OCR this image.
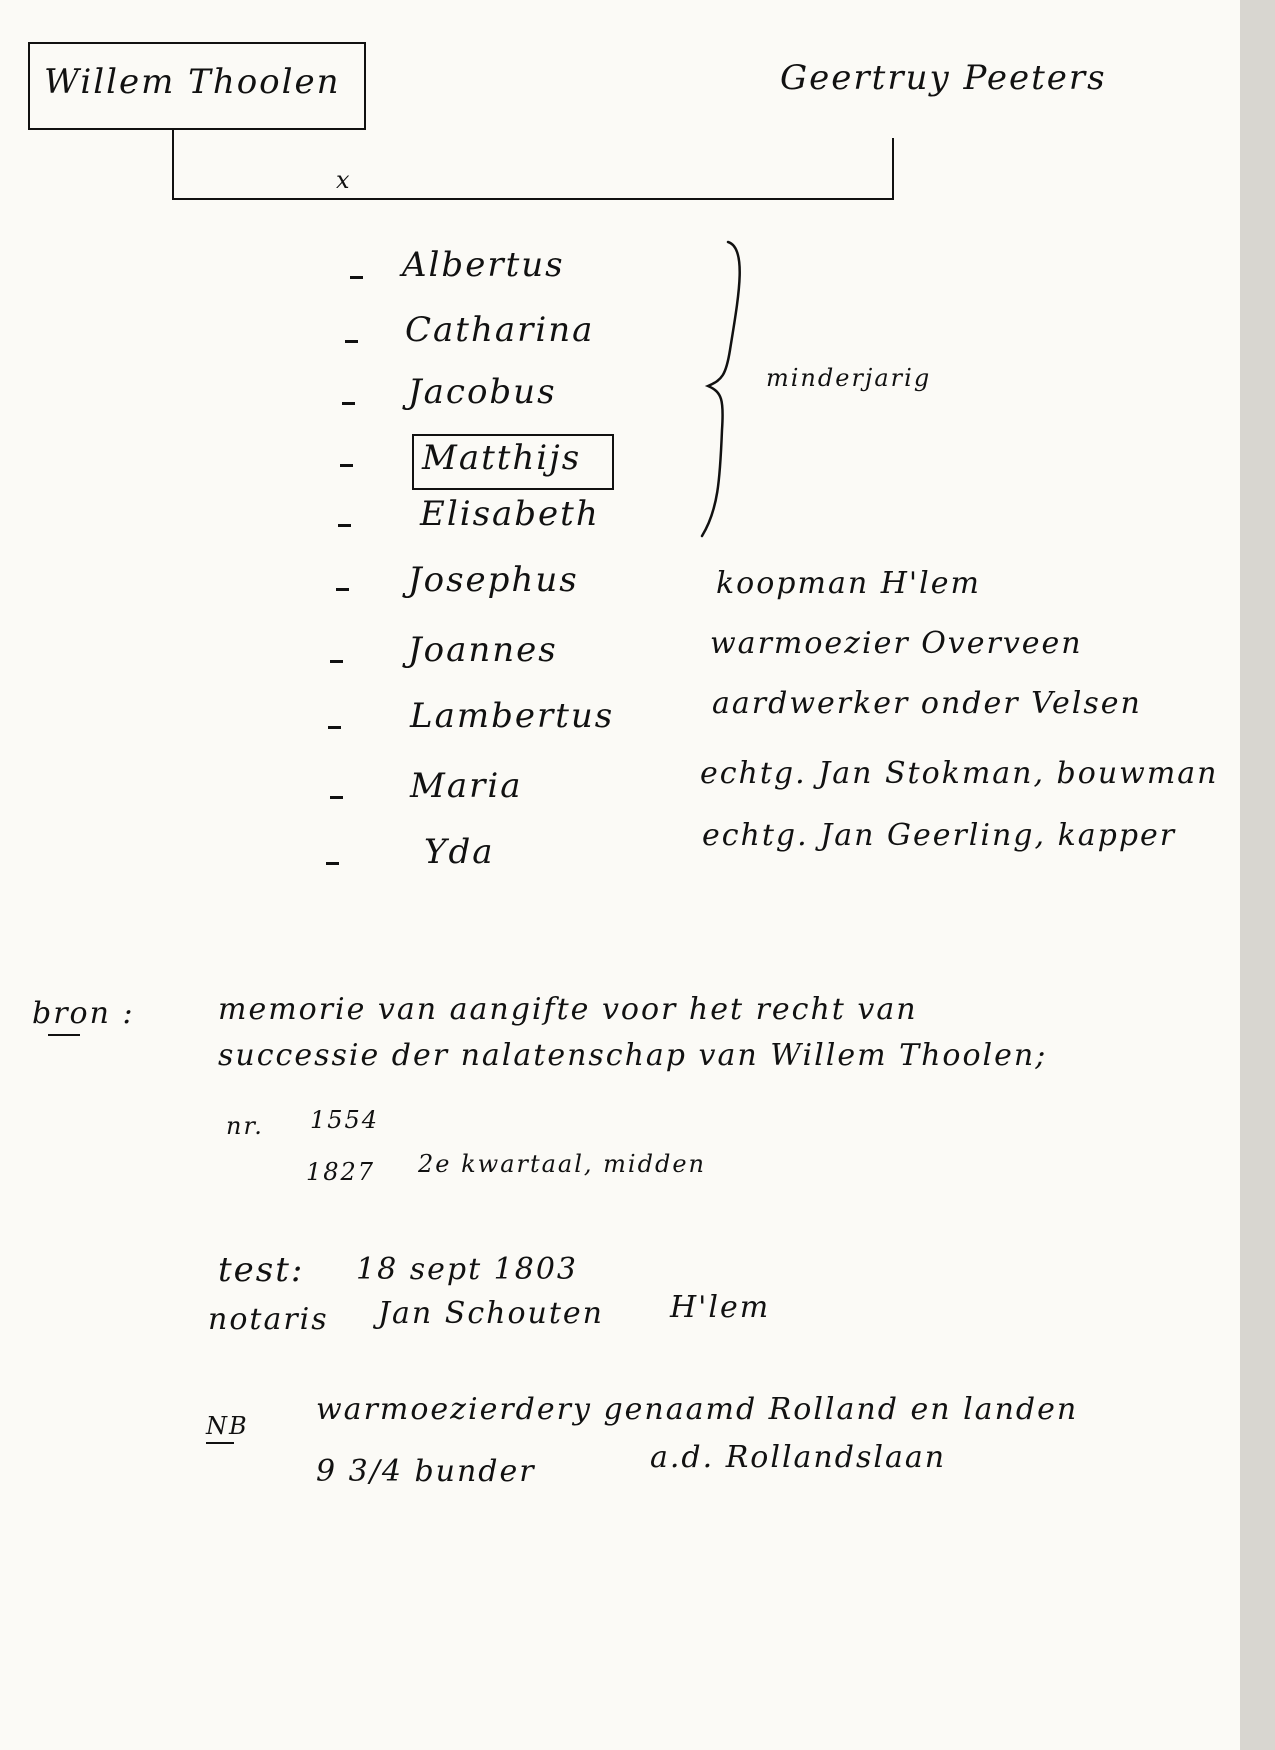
Willem Thoolen	Geertruy Peeters
x
Albertus
Catharina
Jacobus
Matthijs
Elisabeth
Josephus	koopman H'lem
Joannes	warmoezier Overveen
Lambertus	aardwerker onder Velsen
Maria	echtg. Jan Stokman, bouwman
Yda	echtg. Jan Geerling, kapper
minderjarig
bron :	memorie van aangifte voor het recht van
successie der nalatenschap van Willem Thoolen;
nr. 1554
1827 2e kwartaal, midden
test: 18 sept 1803
notaris Jan Schouten H'lem
NB warmoezierdery genaamd Rolland en landen
9 3/4 bunder	a.d. Rollandslaan
